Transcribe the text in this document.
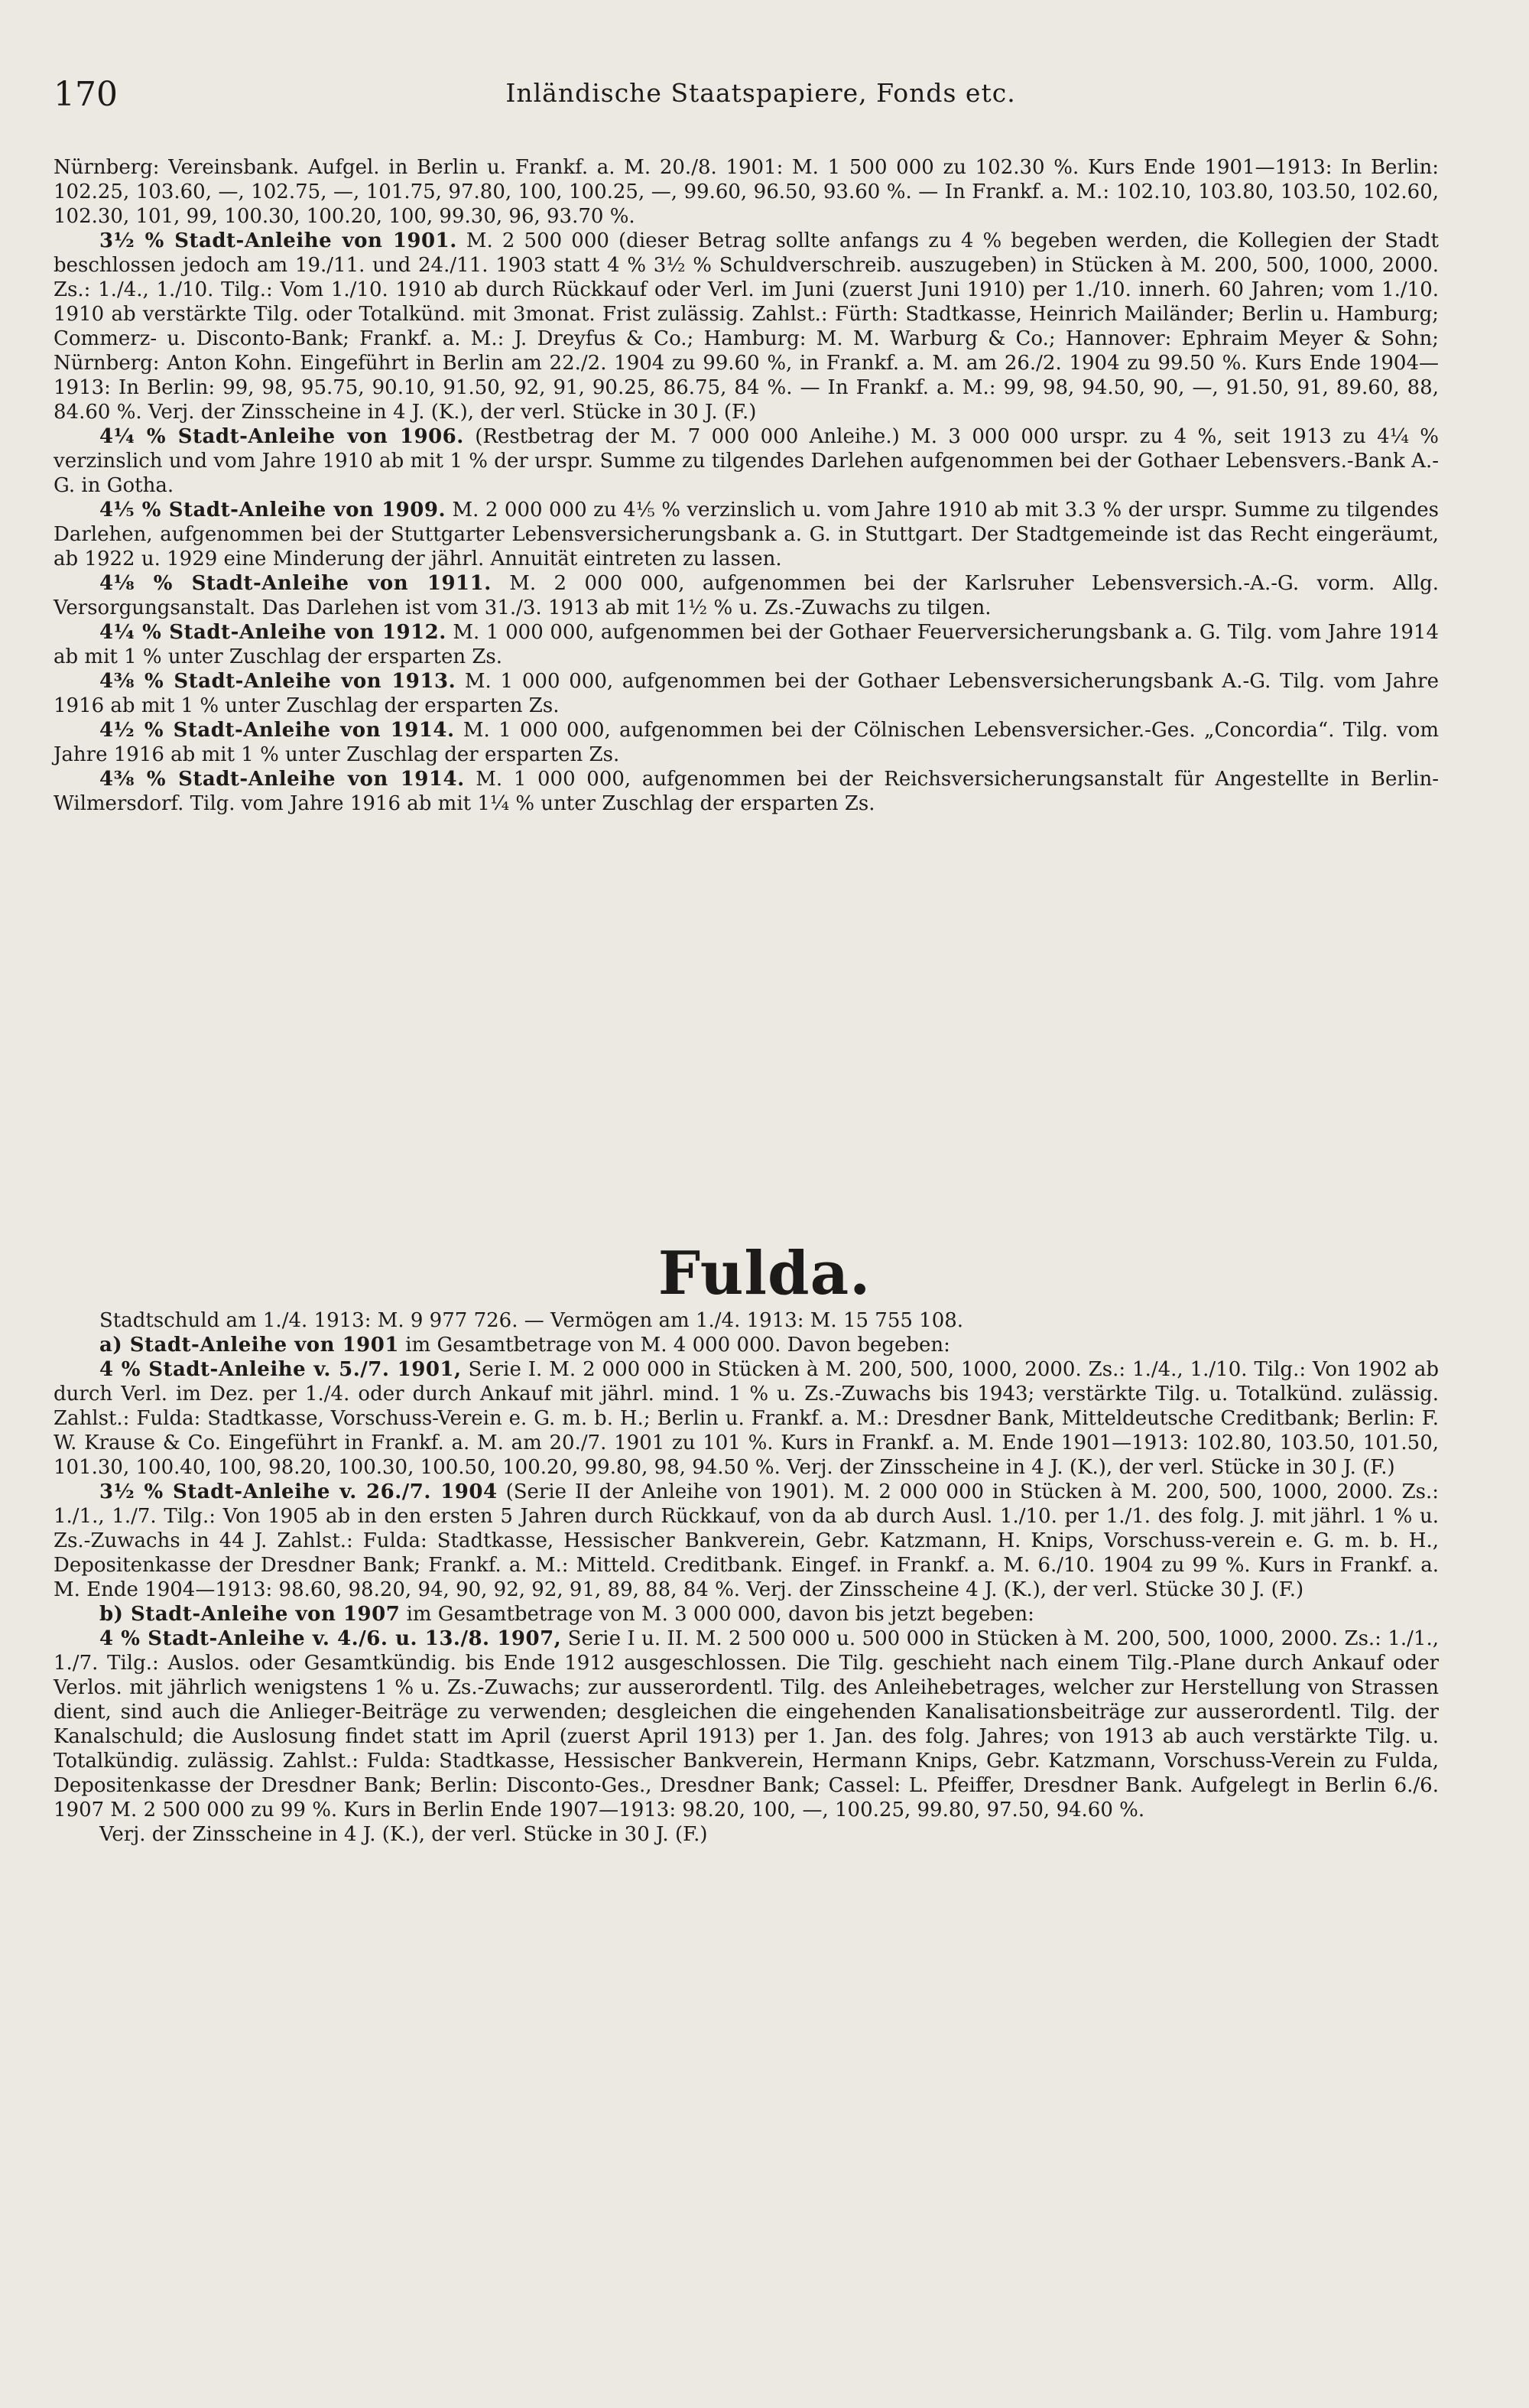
170	Inländische Staatspapiere, Fonds etc.

Nürnberg: Vereinsbank. Aufgel. in Berlin u. Frankf. a. M. 20./8. 1901: M. 1 500 000 zu 102.30 %. Kurs Ende 1901—1913: In Berlin: 102.25, 103.60, —, 102.75, —, 101.75, 97.80, 100, 100.25, —, 99.60, 96.50, 93.60 %. — In Frankf. a. M.: 102.10, 103.80, 103.50, 102.60, 102.30, 101, 99, 100.30, 100.20, 100, 99.30, 96, 93.70 %.

3½ % Stadt-Anleihe von 1901. M. 2 500 000 (dieser Betrag sollte anfangs zu 4 % begeben werden, die Kollegien der Stadt beschlossen jedoch am 19./11. und 24./11. 1903 statt 4 % 3½ % Schuldverschreib. auszugeben) in Stücken à M. 200, 500, 1000, 2000. Zs.: 1./4., 1./10. Tilg.: Vom 1./10. 1910 ab durch Rückkauf oder Verl. im Juni (zuerst Juni 1910) per 1./10. innerh. 60 Jahren; vom 1./10. 1910 ab verstärkte Tilg. oder Totalkünd. mit 3monat. Frist zulässig. Zahlst.: Fürth: Stadtkasse, Heinrich Mailänder; Berlin u. Hamburg; Commerz- u. Disconto-Bank; Frankf. a. M.: J. Dreyfus & Co.; Hamburg: M. M. Warburg & Co.; Hannover: Ephraim Meyer & Sohn; Nürnberg: Anton Kohn. Eingeführt in Berlin am 22./2. 1904 zu 99.60 %, in Frankf. a. M. am 26./2. 1904 zu 99.50 %. Kurs Ende 1904—1913: In Berlin: 99, 98, 95.75, 90.10, 91.50, 92, 91, 90.25, 86.75, 84 %. — In Frankf. a. M.: 99, 98, 94.50, 90, —, 91.50, 91, 89.60, 88, 84.60 %. Verj. der Zinsscheine in 4 J. (K.), der verl. Stücke in 30 J. (F.)

4¼ % Stadt-Anleihe von 1906. (Restbetrag der M. 7 000 000 Anleihe.) M. 3 000 000 urspr. zu 4 %, seit 1913 zu 4¼ % verzinslich und vom Jahre 1910 ab mit 1 % der urspr. Summe zu tilgendes Darlehen aufgenommen bei der Gothaer Lebensvers.-Bank A.-G. in Gotha.

4⅕ % Stadt-Anleihe von 1909. M. 2 000 000 zu 4⅕ % verzinslich u. vom Jahre 1910 ab mit 3.3 % der urspr. Summe zu tilgendes Darlehen, aufgenommen bei der Stuttgarter Lebensversicherungsbank a. G. in Stuttgart. Der Stadtgemeinde ist das Recht eingeräumt, ab 1922 u. 1929 eine Minderung der jährl. Annuität eintreten zu lassen.

4⅛ % Stadt-Anleihe von 1911. M. 2 000 000, aufgenommen bei der Karlsruher Lebensversich.-A.-G. vorm. Allg. Versorgungsanstalt. Das Darlehen ist vom 31./3. 1913 ab mit 1½ % u. Zs.-Zuwachs zu tilgen.

4¼ % Stadt-Anleihe von 1912. M. 1 000 000, aufgenommen bei der Gothaer Feuerversicherungsbank a. G. Tilg. vom Jahre 1914 ab mit 1 % unter Zuschlag der ersparten Zs.

4⅜ % Stadt-Anleihe von 1913. M. 1 000 000, aufgenommen bei der Gothaer Lebensversicherungsbank A.-G. Tilg. vom Jahre 1916 ab mit 1 % unter Zuschlag der ersparten Zs.

4½ % Stadt-Anleihe von 1914. M. 1 000 000, aufgenommen bei der Cölnischen Lebensversicher.-Ges. „Concordia“. Tilg. vom Jahre 1916 ab mit 1 % unter Zuschlag der ersparten Zs.

4⅜ % Stadt-Anleihe von 1914. M. 1 000 000, aufgenommen bei der Reichsversicherungsanstalt für Angestellte in Berlin-Wilmersdorf. Tilg. vom Jahre 1916 ab mit 1¼ % unter Zuschlag der ersparten Zs.

Fulda.

Stadtschuld am 1./4. 1913: M. 9 977 726. — Vermögen am 1./4. 1913: M. 15 755 108.

a) Stadt-Anleihe von 1901 im Gesamtbetrage von M. 4 000 000. Davon begeben:

4 % Stadt-Anleihe v. 5./7. 1901, Serie I. M. 2 000 000 in Stücken à M. 200, 500, 1000, 2000. Zs.: 1./4., 1./10. Tilg.: Von 1902 ab durch Verl. im Dez. per 1./4. oder durch Ankauf mit jährl. mind. 1 % u. Zs.-Zuwachs bis 1943; verstärkte Tilg. u. Totalkünd. zulässig. Zahlst.: Fulda: Stadtkasse, Vorschuss-Verein e. G. m. b. H.; Berlin u. Frankf. a. M.: Dresdner Bank, Mitteldeutsche Creditbank; Berlin: F. W. Krause & Co. Eingeführt in Frankf. a. M. am 20./7. 1901 zu 101 %. Kurs in Frankf. a. M. Ende 1901—1913: 102.80, 103.50, 101.50, 101.30, 100.40, 100, 98.20, 100.30, 100.50, 100.20, 99.80, 98, 94.50 %. Verj. der Zinsscheine in 4 J. (K.), der verl. Stücke in 30 J. (F.)

3½ % Stadt-Anleihe v. 26./7. 1904 (Serie II der Anleihe von 1901). M. 2 000 000 in Stücken à M. 200, 500, 1000, 2000. Zs.: 1./1., 1./7. Tilg.: Von 1905 ab in den ersten 5 Jahren durch Rückkauf, von da ab durch Ausl. 1./10. per 1./1. des folg. J. mit jährl. 1 % u. Zs.-Zuwachs in 44 J. Zahlst.: Fulda: Stadtkasse, Hessischer Bankverein, Gebr. Katzmann, H. Knips, Vorschuss-verein e. G. m. b. H., Depositenkasse der Dresdner Bank; Frankf. a. M.: Mitteld. Creditbank. Eingef. in Frankf. a. M. 6./10. 1904 zu 99 %. Kurs in Frankf. a. M. Ende 1904—1913: 98.60, 98.20, 94, 90, 92, 92, 91, 89, 88, 84 %. Verj. der Zinsscheine 4 J. (K.), der verl. Stücke 30 J. (F.)

b) Stadt-Anleihe von 1907 im Gesamtbetrage von M. 3 000 000, davon bis jetzt begeben:

4 % Stadt-Anleihe v. 4./6. u. 13./8. 1907, Serie I u. II. M. 2 500 000 u. 500 000 in Stücken à M. 200, 500, 1000, 2000. Zs.: 1./1., 1./7. Tilg.: Auslos. oder Gesamtkündig. bis Ende 1912 ausgeschlossen. Die Tilg. geschieht nach einem Tilg.-Plane durch Ankauf oder Verlos. mit jährlich wenigstens 1 % u. Zs.-Zuwachs; zur ausserordentl. Tilg. des Anleihebetrages, welcher zur Herstellung von Strassen dient, sind auch die Anlieger-Beiträge zu verwenden; desgleichen die eingehenden Kanalisationsbeiträge zur ausserordentl. Tilg. der Kanalschuld; die Auslosung findet statt im April (zuerst April 1913) per 1. Jan. des folg. Jahres; von 1913 ab auch verstärkte Tilg. u. Totalkündig. zulässig. Zahlst.: Fulda: Stadtkasse, Hessischer Bankverein, Hermann Knips, Gebr. Katzmann, Vorschuss-Verein zu Fulda, Depositenkasse der Dresdner Bank; Berlin: Disconto-Ges., Dresdner Bank; Cassel: L. Pfeiffer, Dresdner Bank. Aufgelegt in Berlin 6./6. 1907 M. 2 500 000 zu 99 %. Kurs in Berlin Ende 1907—1913: 98.20, 100, —, 100.25, 99.80, 97.50, 94.60 %.

Verj. der Zinsscheine in 4 J. (K.), der verl. Stücke in 30 J. (F.)
